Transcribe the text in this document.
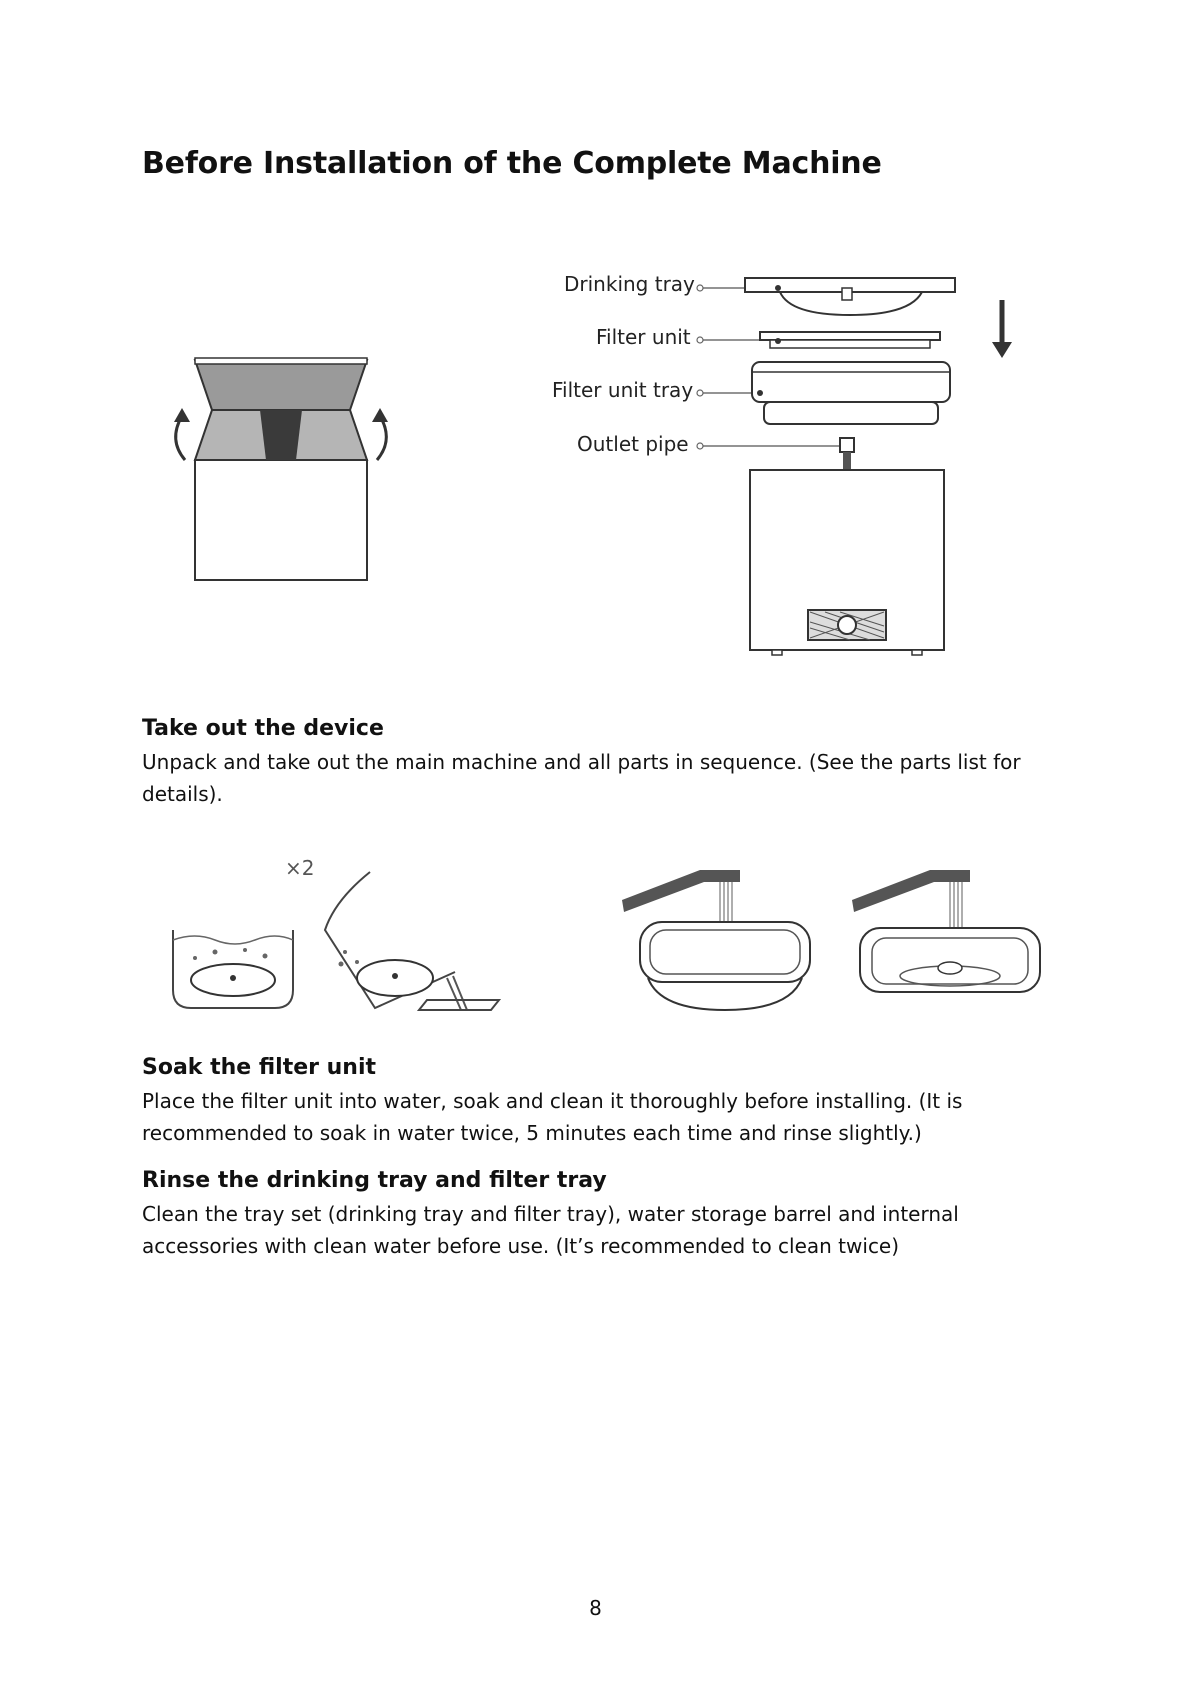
Before Installation of the Complete Machine
Drinking tray
Filter unit
Filter unit tray
Outlet pipe

Take out the device

Unpack and take out the main machine and all parts in sequence. (See the parts list for details).

×2

Soak the filter unit

Place the filter unit into water, soak and clean it thoroughly before installing. (It is recommended to soak in water twice, 5 minutes each time and rinse slightly.)

Rinse the drinking tray and filter tray

Clean the tray set (drinking tray and filter tray), water storage barrel and internal accessories with clean water before use. (It’s recommended to clean twice)

8
